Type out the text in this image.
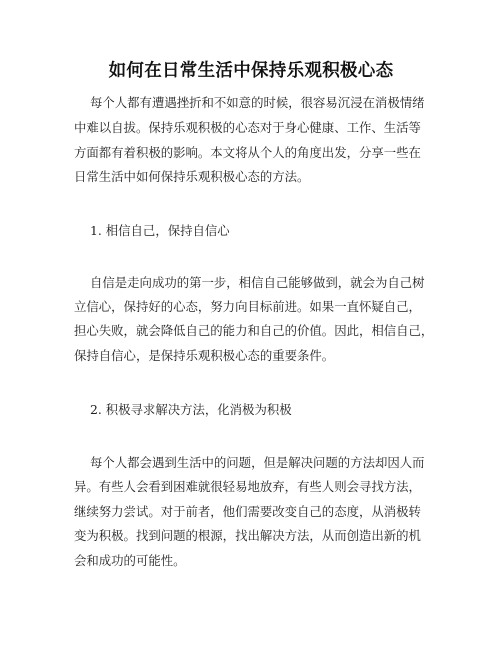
如何在日常生活中保持乐观积极心态
每个人都有遭遇挫折和不如意的时候，很容易沉浸在消极情绪
中难以自拔。保持乐观积极的心态对于身心健康、工作、生活等
方面都有着积极的影响。本文将从个人的角度出发，分享一些在
日常生活中如何保持乐观积极心态的方法。
1. 相信自己，保持自信心
自信是走向成功的第一步，相信自己能够做到，就会为自己树
立信心，保持好的心态，努力向目标前进。如果一直怀疑自己，
担心失败，就会降低自己的能力和自己的价值。因此，相信自己，
保持自信心，是保持乐观积极心态的重要条件。
2. 积极寻求解决方法，化消极为积极
每个人都会遇到生活中的问题，但是解决问题的方法却因人而
异。有些人会看到困难就很轻易地放弃，有些人则会寻找方法，
继续努力尝试。对于前者，他们需要改变自己的态度，从消极转
变为积极。找到问题的根源，找出解决方法，从而创造出新的机
会和成功的可能性。
